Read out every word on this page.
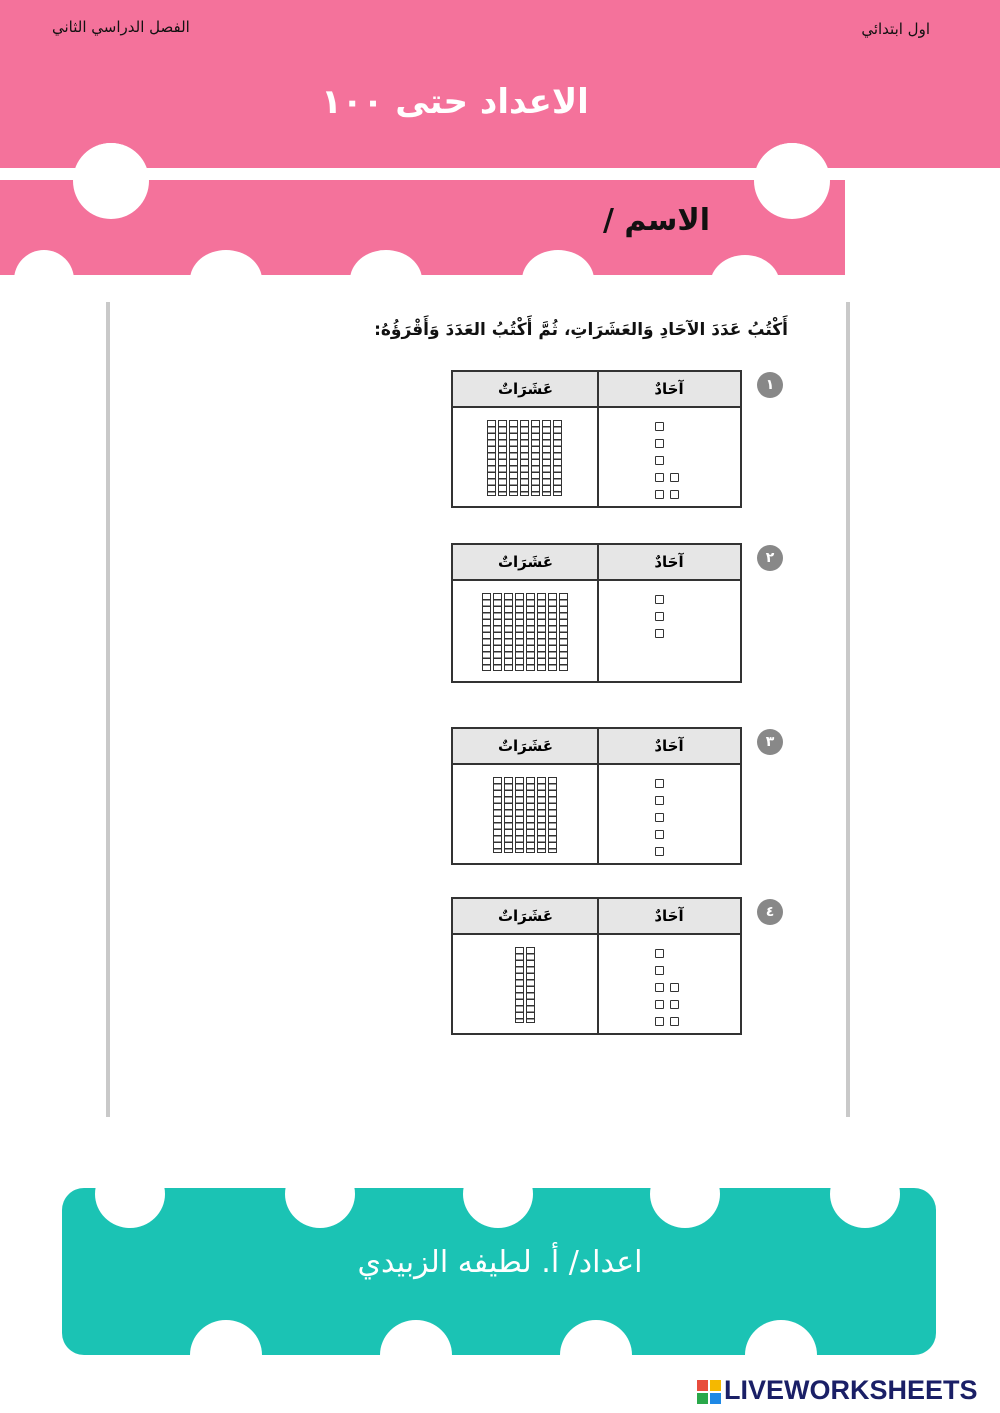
اول ابتدائي
الفصل الدراسي الثاني
الاعداد حتى ١٠٠
الاسم /
أَكْتُبُ عَدَدَ الآحَادِ وَالعَشَرَاتِ، ثُمَّ أَكْتُبُ العَدَدَ وَأَقْرَؤُهُ:
١
عَشَرَاتٌ	آحَادٌ
٢
عَشَرَاتٌ	آحَادٌ
٣
عَشَرَاتٌ	آحَادٌ
٤
عَشَرَاتٌ	آحَادٌ
اعداد/ أ. لطيفه الزبيدي
LIVEWORKSHEETS
